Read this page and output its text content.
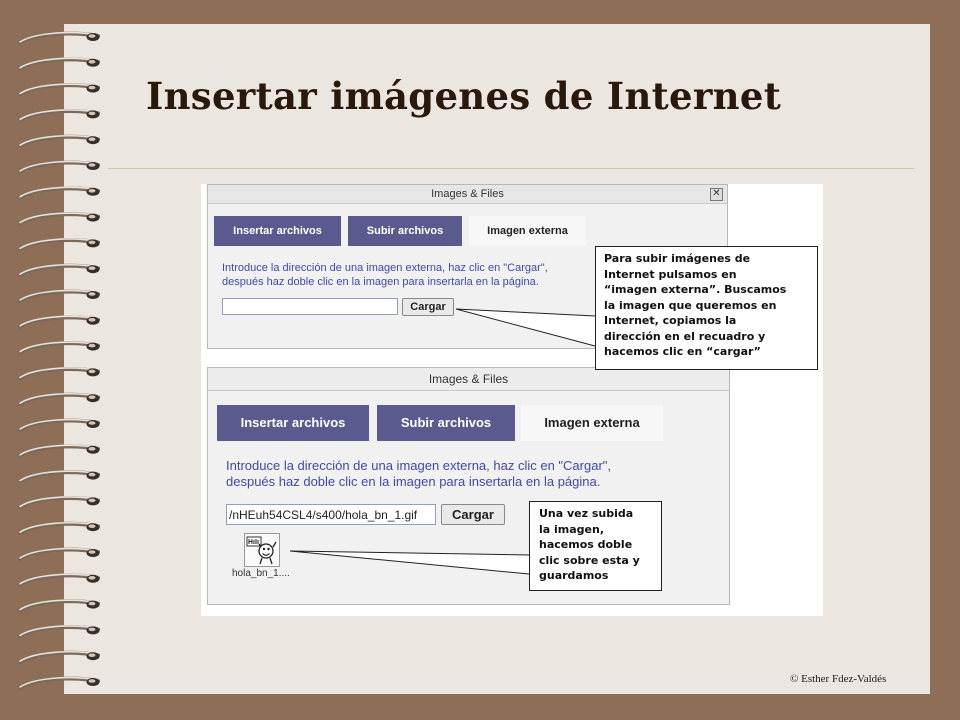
Insertar imágenes de Internet
Images & Files	✕
Insertar archivos	Subir archivos	Imagen externa
Introduce la dirección de una imagen externa, haz clic en "Cargar",
después haz doble clic en la imagen para insertarla en la página.
Cargar
Images & Files
Insertar archivos	Subir archivos	Imagen externa
Introduce la dirección de una imagen externa, haz clic en "Cargar",
después haz doble clic en la imagen para insertarla en la página.
/nHEuh54CSL4/s400/hola_bn_1.gif
Cargar
hola_bn_1....
Para subir imágenes de
Internet pulsamos en
“imagen externa”. Buscamos
la imagen que queremos en
Internet, copiamos la
dirección en el recuadro y
hacemos clic en “cargar”
Una vez subida
la imagen,
hacemos doble
clic sobre esta y
guardamos
© Esther Fdez-Valdés
